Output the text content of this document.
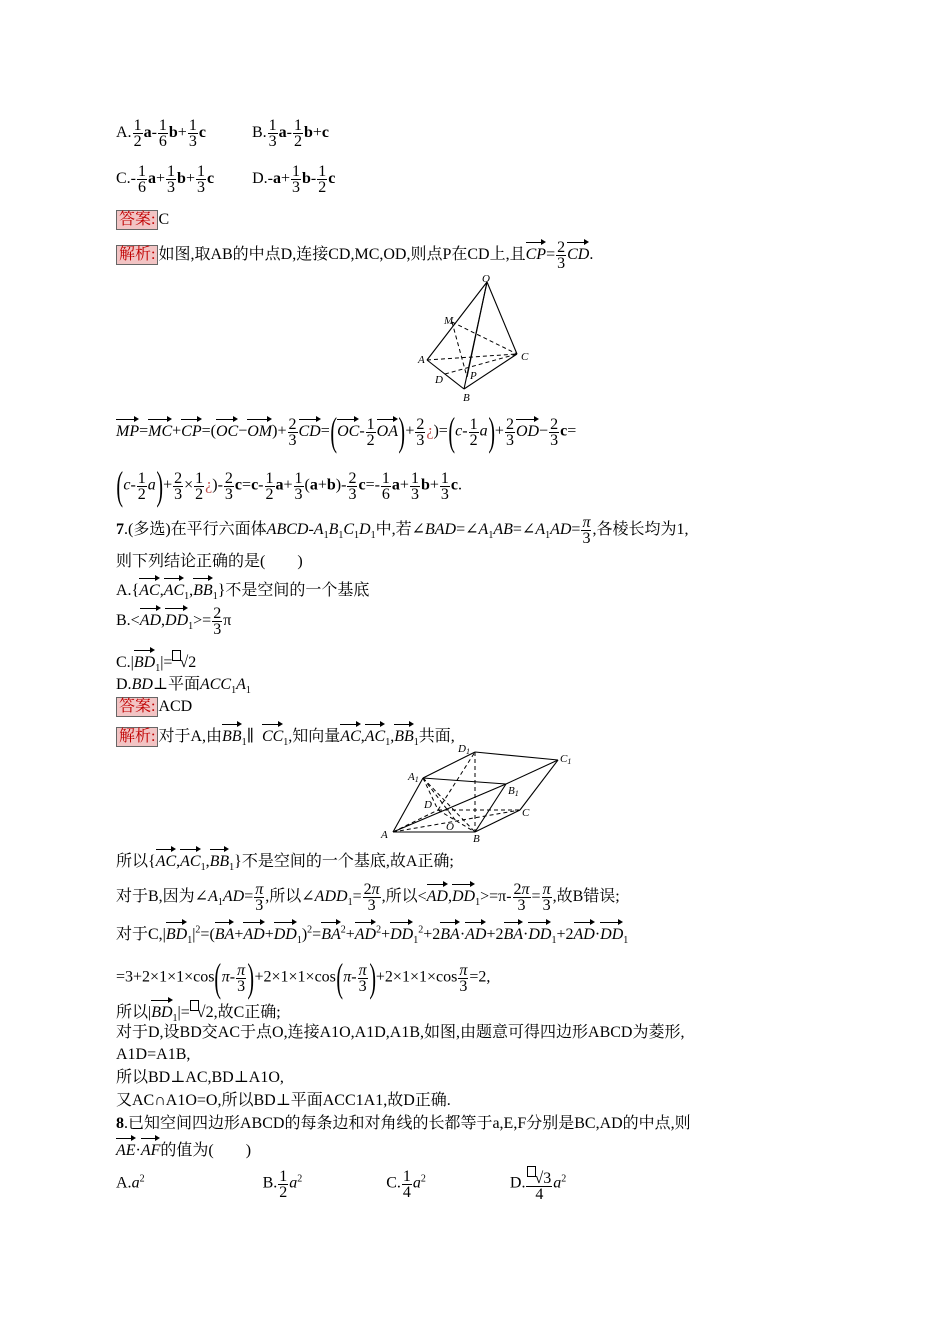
A. $\frac{1}{2} a- \frac{1}{6} b+ \frac{1}{3}$ c	B. $\frac{1}{3} a- \frac{1}{2} b+c$
$C.- \frac{1}{6} a+ \frac{1}{3} b+ \frac{1}{3}$ c $D.-a+ \frac{1}{3} b- \frac{1}{2}$ c
答案: C
解析: 如图,取AB的中点D,连接CD,MC,OD,则点P在CD上,且$CP= \frac{2}{3}$ CD.
O
M
A	C
D P
B
$MP=MC+CP=(OC-OM)+ \frac{2}{3} CD=(OC- \frac{1}{2} OA)+ \frac{2}{3}$ ¿)$=(c- \frac{1}{2} a)+ \frac{2}{3} OD- \frac{2}{3} c=$
$(c- \frac{1}{2} a)+ \frac{2}{3} \times \frac{1}{2}$ ¿)- $\frac{2}{3} c=c- \frac{1}{2} a+ \frac{1}{3} (a+b)- \frac{2}{3} c=- \frac{1}{6} a+ \frac{1}{3} b+ \frac{1}{3} c$.
7.(多选)在平行六面体ABCD-$A_1B_1C_1D_1$中,若$\angle BAD=\angle A_1AB=\angle A_1AD= \frac{\pi}{3}$ ,各棱长均为1,
则下列结论正确的是(　　)
$A.\{AC,AC_1,BB_1\}$不是空间的一个基底
$B.<AD,DD_1>= \frac{2}{3}$ π
$C.|BD_1|= √2$
D.BD⊥平面$ACC_1A_1$
答案: ACD
解析: 对于A,由$BB_1\parallel$  $CC_1$,知向量$AC,AC_1,BB_1$共面,
D1
C1
A1
B1
D
C
O
A	B
所以$\{AC,AC_1,BB_1\}$不是空间的一个基底,故A正确;
对于B,因为$\angle A_1AD= \frac{\pi}{3}$ ,所以$\angle ADD_1= \frac{2\pi}{3}$ ,所以$<AD,DD_1>=\pi- \frac{2\pi}{3} = \frac{\pi}{3}$ ,故B错误;
对于$C,|BD_1|^2=(BA+AD+DD_1)^2=BA^2+AD^2+DD_1^2+2BA\cdot AD+2BA\cdot DD_1+2AD\cdot DD_1$
$=3+2\times 1\times 1\times\cos(\pi- \frac{\pi}{3} )+2\times 1\times 1\times\cos(\pi- \frac{\pi}{3} )+2\times 1\times 1\times\cos \frac{\pi}{3} =2$,
所以$|BD_1|= √2$,故C正确;
对于D,设BD交AC于点O,连接A1O,A1D,A1B,如图,由题意可得四边形ABCD为菱形,
A1D=A1B,
所以BD⊥AC,BD⊥A1O,
又AC∩A1O=O,所以BD⊥平面ACC1A1,故D正确.
8.已知空间四边形ABCD的每条边和对角线的长都等于a,E,F分别是BC,AD的中点,则
AE·AF的值为(　　)
$A.a^2$	B. $\frac{1}{2} a^2$	C. $\frac{1}{4} a^2$	D. $\frac{√3}{4} a^2$
